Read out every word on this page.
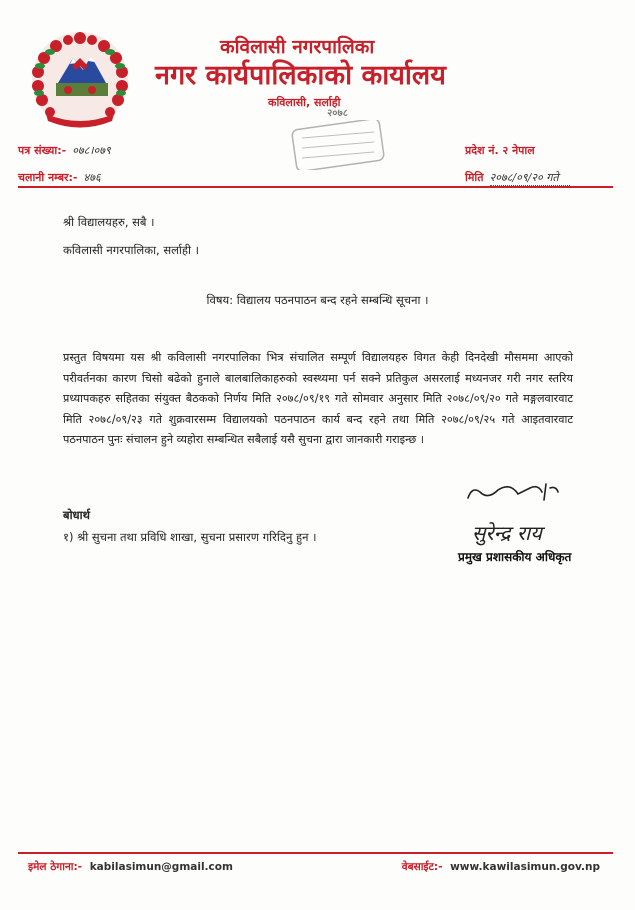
कविलासी नगरपालिका
नगर कार्यपालिकाको कार्यालय
कविलासी, सर्लाही
२०७८
पत्र संख्या:- ०७८।०७९
चलानी नम्बर:- ४७६
प्रदेश नं. २ नेपाल
मिति २०७८/०९/२० गते
श्री विद्यालयहरु, सबै ।
कविलासी नगरपालिका, सर्लाही ।
विषय: विद्यालय पठनपाठन बन्द रहने सम्बन्धि सूचना ।
प्रस्तुत विषयमा यस श्री कविलासी नगरपालिका भित्र संचालित सम्पूर्ण विद्यालयहरु विगत केही दिनदेखी मौसममा आएको परीवर्तनका कारण चिसो बढेको हुनाले बालबालिकाहरुको स्वस्थ्यमा पर्न सक्ने प्रतिकुल असरलाई मध्यनजर गरी नगर स्तरिय प्रध्यापकहरु सहितका संयुक्त बैठकको निर्णय मिति २०७८/०९/१९ गते सोमवार अनुसार मिति २०७८/०९/२० गते मङ्गलवारवाट मिति २०७८/०९/२३ गते शुक्रवारसम्म विद्यालयको पठनपाठन कार्य बन्द रहने तथा मिति २०७८/०९/२५ गते आइतवारवाट पठनपाठन पुनः संचालन हुने व्यहोरा सम्बन्धित सबैलाई यसै सुचना द्वारा जानकारी गराइन्छ ।
सुरेन्द्र राय
प्रमुख प्रशासकीय अधिकृत
बोधार्थ
१) श्री सुचना तथा प्रविधि शाखा, सुचना प्रसारण गरिदिनु हुन ।
इमेल ठेगाना:- kabilasimun@gmail.com	वेबसाईट:- www.kawilasimun.gov.np
